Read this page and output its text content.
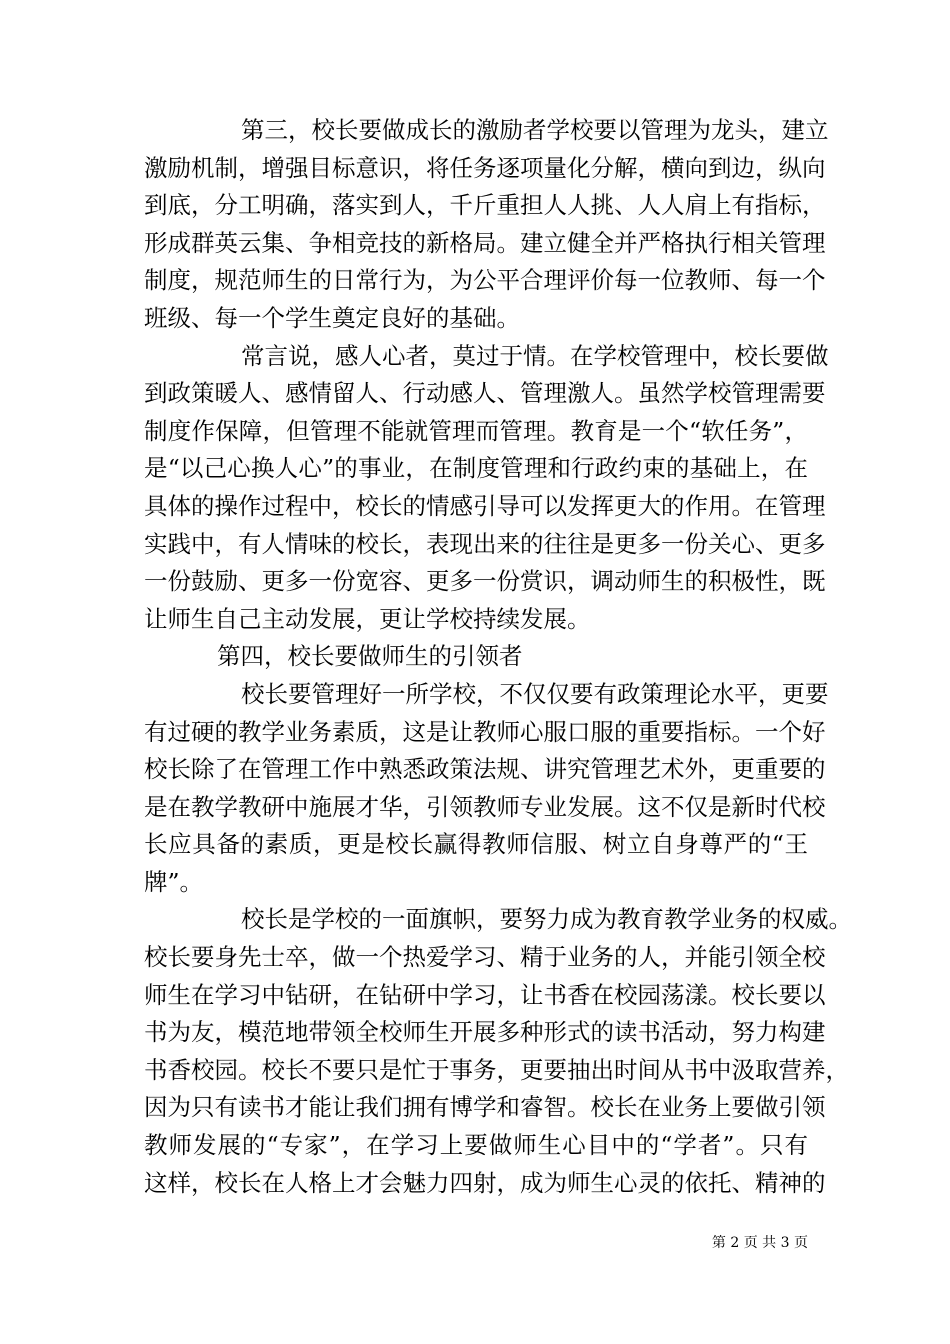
第三，校长要做成长的激励者学校要以管理为龙头，建立
激励机制，增强目标意识，将任务逐项量化分解，横向到边，纵向
到底，分工明确，落实到人，千斤重担人人挑、人人肩上有指标，
形成群英云集、争相竞技的新格局。建立健全并严格执行相关管理
制度，规范师生的日常行为，为公平合理评价每一位教师、每一个
班级、每一个学生奠定良好的基础。
常言说，感人心者，莫过于情。在学校管理中，校长要做
到政策暖人、感情留人、行动感人、管理激人。虽然学校管理需要
制度作保障，但管理不能就管理而管理。教育是一个“软任务”，
是“以己心换人心”的事业，在制度管理和行政约束的基础上，在
具体的操作过程中，校长的情感引导可以发挥更大的作用。在管理
实践中，有人情味的校长，表现出来的往往是更多一份关心、更多
一份鼓励、更多一份宽容、更多一份赏识，调动师生的积极性，既
让师生自己主动发展，更让学校持续发展。
第四，校长要做师生的引领者
校长要管理好一所学校，不仅仅要有政策理论水平，更要
有过硬的教学业务素质，这是让教师心服口服的重要指标。一个好
校长除了在管理工作中熟悉政策法规、讲究管理艺术外，更重要的
是在教学教研中施展才华，引领教师专业发展。这不仅是新时代校
长应具备的素质，更是校长赢得教师信服、树立自身尊严的“王
牌”。
校长是学校的一面旗帜，要努力成为教育教学业务的权威。
校长要身先士卒，做一个热爱学习、精于业务的人，并能引领全校
师生在学习中钻研，在钻研中学习，让书香在校园荡漾。校长要以
书为友，模范地带领全校师生开展多种形式的读书活动，努力构建
书香校园。校长不要只是忙于事务，更要抽出时间从书中汲取营养，
因为只有读书才能让我们拥有博学和睿智。校长在业务上要做引领
教师发展的“专家”，在学习上要做师生心目中的“学者”。只有
这样，校长在人格上才会魅力四射，成为师生心灵的依托、精神的
第 2 页 共 3 页
